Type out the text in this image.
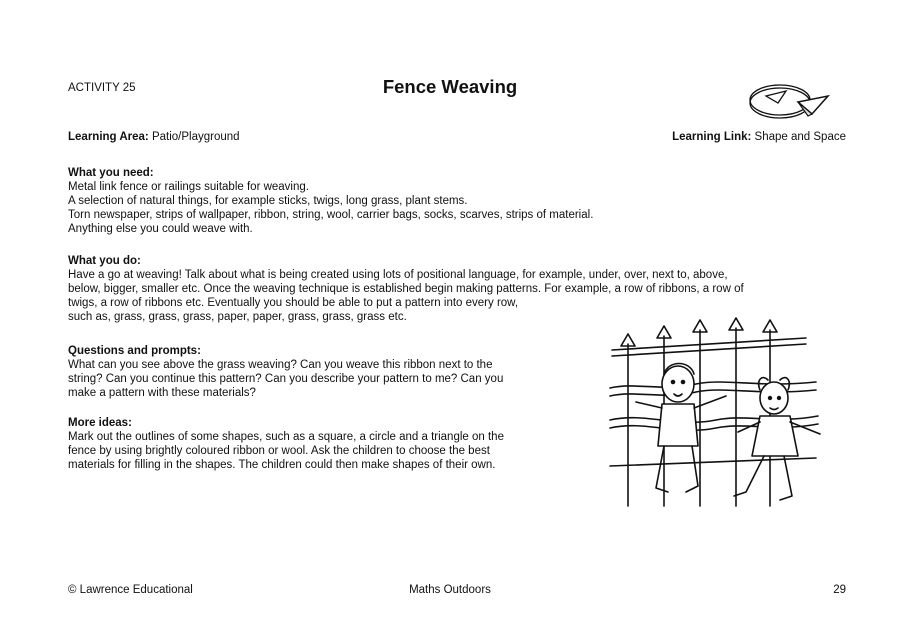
ACTIVITY 25	Fence Weaving
Learning Area: Patio/Playground	Learning Link: Shape and Space
What you need:

Metal link fence or railings suitable for weaving.

A selection of natural things, for example sticks, twigs, long grass, plant stems.

Torn newspaper, strips of wallpaper, ribbon, string, wool, carrier bags, socks, scarves, strips of material.

Anything else you could weave with.

What you do:

Have a go at weaving! Talk about what is being created using lots of positional language, for example, under, over, next to, above,

below, bigger, smaller etc. Once the weaving technique is established begin making patterns. For example, a row of ribbons, a row of

twigs, a row of ribbons etc. Eventually you should be able to put a pattern into every row,

such as, grass, grass, grass, paper, paper, grass, grass, grass etc.

Questions and prompts:

What can you see above the grass weaving? Can you weave this ribbon next to the

string? Can you continue this pattern? Can you describe your pattern to me? Can you

make a pattern with these materials?

More ideas:

Mark out the outlines of some shapes, such as a square, a circle and a triangle on the

fence by using brightly coloured ribbon or wool. Ask the children to choose the best

materials for filling in the shapes. The children could then make shapes of their own.

© Lawrence Educational	Maths Outdoors	29
